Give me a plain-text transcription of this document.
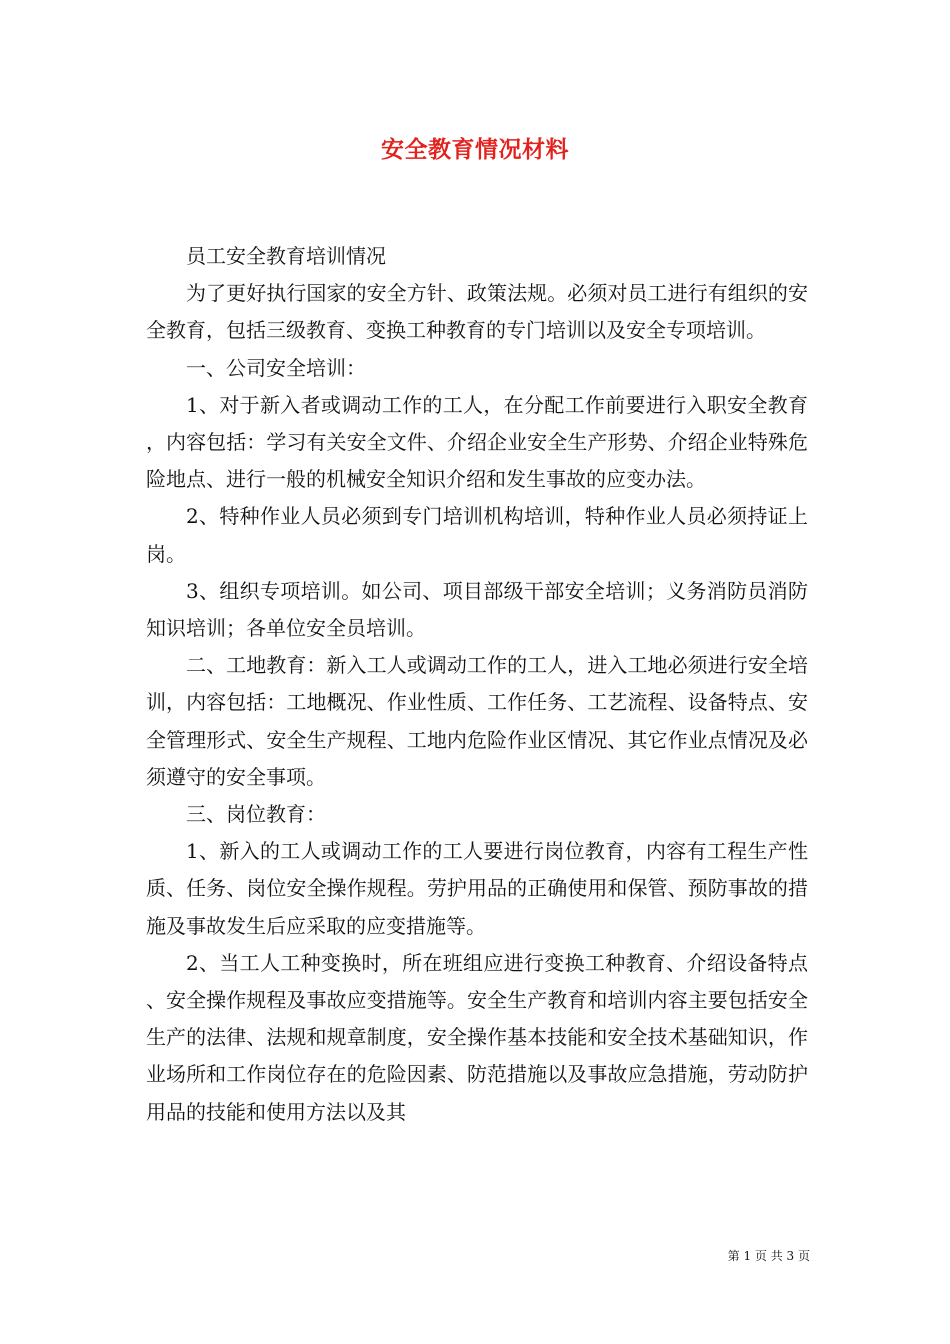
安全教育情况材料

员工安全教育培训情况

为了更好执行国家的安全方针、政策法规。必须对员工进行有组织的安全教育，包括三级教育、变换工种教育的专门培训以及安全专项培训。

一、公司安全培训：

1、对于新入者或调动工作的工人，在分配工作前要进行入职安全教育，内容包括：学习有关安全文件、介绍企业安全生产形势、介绍企业特殊危险地点、进行一般的机械安全知识介绍和发生事故的应变办法。

2、特种作业人员必须到专门培训机构培训，特种作业人员必须持证上岗。

3、组织专项培训。如公司、项目部级干部安全培训；义务消防员消防知识培训；各单位安全员培训。

二、工地教育：新入工人或调动工作的工人，进入工地必须进行安全培训，内容包括：工地概况、作业性质、工作任务、工艺流程、设备特点、安全管理形式、安全生产规程、工地内危险作业区情况、其它作业点情况及必须遵守的安全事项。

三、岗位教育：

1、新入的工人或调动工作的工人要进行岗位教育，内容有工程生产性质、任务、岗位安全操作规程。劳护用品的正确使用和保管、预防事故的措施及事故发生后应采取的应变措施等。

2、当工人工种变换时，所在班组应进行变换工种教育、介绍设备特点、安全操作规程及事故应变措施等。安全生产教育和培训内容主要包括安全生产的法律、法规和规章制度，安全操作基本技能和安全技术基础知识，作业场所和工作岗位存在的危险因素、防范措施以及事故应急措施，劳动防护用品的技能和使用方法以及其

第 1 页 共 3 页
